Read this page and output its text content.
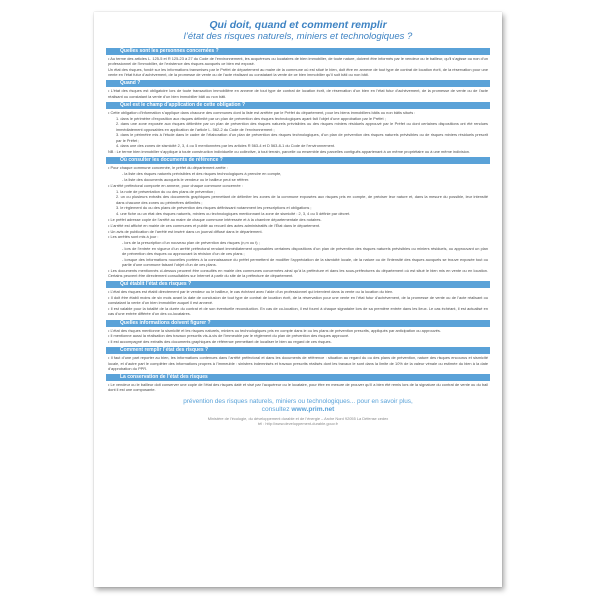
Qui doit, quand et comment remplir

l’état des risques naturels, miniers et technologiques ?

Quelles sont les personnes concernées ?

• Au terme des articles L. 125-5 et R 125-23 à 27 du Code de l’environnement, les acquéreurs ou locataires de bien immobilier, de toute nature, doivent être informés par le vendeur ou le bailleur, qu’il s’agisse ou non d’un professionnel de l’immobilier, de l’existence des risques auxquels ce bien est exposé.

Un état des risques, fondé sur les informations transmises par le Préfet de département au maire de la commune où est situé le bien, doit être en annexe de tout type de contrat de location écrit, de la réservation pour une vente en l’état futur d’achèvement, de la promesse de vente ou de l’acte réalisant ou constatant la vente de ce bien immobilier qu’il soit bâti ou non bâti.

Quand ?

• L’état des risques est obligatoire lors de toute transaction immobilière en annexe de tout type de contrat de location écrit, de réservation d’un bien en l’état futur d’achèvement, de la promesse de vente ou de l’acte réalisant ou constatant la vente d’un bien immobilier bâti ou non bâti.

Quel est le champ d’application de cette obligation ?

• Cette obligation d’information s’applique dans chacune des communes dont la liste est arrêtée par le Préfet du département, pour les biens immobiliers bâtis ou non bâtis situés :

1. dans le périmètre d’exposition aux risques délimité par un plan de prévention des risques technologiques ayant fait l’objet d’une approbation par le Préfet ;

2. dans une zone exposée aux risques délimitée par un plan de prévention des risques naturels prévisibles ou des risques miniers résiduels approuvé par le Préfet ou dont certaines dispositions ont été rendues immédiatement opposables en application de l’article L. 562-2 du Code de l’environnement ;

3. dans le périmètre mis à l’étude dans le cadre de l’élaboration d’un plan de prévention des risques technologiques, d’un plan de prévention des risques naturels prévisibles ou de risques miniers résiduels prescrit par le Préfet ;

4. dans une des zones de sismicité 2, 3, 4 ou 5 mentionnées par les articles R 563-4 et D 563-8-1 du Code de l’environnement.

NB : Le terme bien immobilier s’applique à toute construction individuelle ou collective, à tout terrain, parcelle ou ensemble des parcelles contiguës appartenant à un même propriétaire ou à une même indivision.

Où consulter les documents de référence ?

• Pour chaque commune concernée, le préfet du département arrête :

- la liste des risques naturels prévisibles et des risques technologiques à prendre en compte,

- la liste des documents auxquels le vendeur ou le bailleur peut se référer.

• L’arrêté préfectoral comporte en annexe, pour chaque commune concernée :

1. la note de présentation du ou des plans de prévention ;

2. un ou plusieurs extraits des documents graphiques permettant de délimiter les zones de la commune exposées aux risques pris en compte, de préciser leur nature et, dans la mesure du possible, leur intensité dans chacune des zones ou périmètres délimités ;

3. le règlement du ou des plans de prévention des risques définissant notamment les prescriptions et obligations ;

4. une fiche ou un état des risques naturels, miniers ou technologiques mentionnant la zone de sismicité : 2, 3, 4 ou 5 définie par décret.

• Le préfet adresse copie de l’arrêté au maire de chaque commune intéressée et à la chambre départementale des notaires.

• L’arrêté est affiché en mairie de ces communes et publié au recueil des actes administratifs de l’État dans le département.

• Un avis de publication de l’arrêté est inséré dans un journal diffusé dans le département.

• Les arrêtés sont mis à jour :

- lors de la prescription d’un nouveau plan de prévention des risques (n,m ou t) ;

- lors de l’entrée en vigueur d’un arrêté préfectoral rendant immédiatement opposables certaines dispositions d’un plan de prévention des risques naturels prévisibles ou miniers résiduels, ou approuvant un plan de prévention des risques ou approuvant la révision d’un de ces plans ;

- lorsque des informations nouvelles portées à la connaissance du préfet permettent de modifier l’appréciation de la sismicité locale, de la nature ou de l’intensité des risques auxquels se trouve exposée tout ou partie d’une commune faisant l’objet d’un de ces plans.

• Les documents mentionnés ci-dessus peuvent être consultés en mairie des communes concernées ainsi qu’à la préfecture et dans les sous-préfectures du département où est situé le bien mis en vente ou en location. Certains peuvent être directement consultables sur Internet à partir du site de la préfecture de département.

Qui établit l’état des risques ?

• L’état des risques est établi directement par le vendeur ou le bailleur, le cas échéant avec l’aide d’un professionnel qui intervient dans la vente ou la location du bien.

• Il doit être établi moins de six mois avant la date de conclusion de tout type de contrat de location écrit, de la réservation pour une vente en l’état futur d’achèvement, de la promesse de vente ou de l’acte réalisant ou constatant la vente d’un bien immobilier auquel il est annexé.

• Il est valable pour la totalité de la durée du contrat et de son éventuelle reconduction. En cas de co-location, il est fourni à chaque signataire lors de sa première entrée dans les lieux. Le cas échéant, il est actualisé en cas d’une entrée différée d’un des co-locataires.

Quelles informations doivent figurer ?

• L’état des risques mentionne la sismicité et les risques naturels, miniers ou technologiques pris en compte dans le ou les plans de prévention prescrits, appliqués par anticipation ou approuvés.

• Il mentionne aussi la réalisation des travaux prescrits vis-à-vis de l’immeuble par le règlement du plan de prévention des risques approuvé.

• Il est accompagné des extraits des documents graphiques de référence permettant de localiser le bien au regard de ces risques.

Comment remplir l’état des risques ?

• Il faut d’une part reporter au bien, les informations contenues dans l’arrêté préfectoral et dans les documents de référence : situation au regard du ou des plans de prévention, nature des risques encourus et sismicité locale, et d’autre part le compléter des informations propres à l’immeuble : sinistres indemnisés et travaux prescrits réalisés dont les travaux le sont dans la limite de 10% de la valeur vénale ou estimée du bien à la date d’approbation du PPR.

La conservation de l’état des risques

• Le vendeur ou le bailleur doit conserver une copie de l’état des risques daté et visé par l’acquéreur ou le locataire, pour être en mesure de prouver qu’il a bien été remis lors de la signature du contrat de vente ou du bail dont il est une composante.

prévention des risques naturels, miniers ou technologiques... pour en savoir plus,
consultez www.prim.net
Ministère de l’écologie, du développement durable et de l’énergie – Arche Nord 92055 La Défense cedex
tél : http://www.developpement-durable.gouv.fr
